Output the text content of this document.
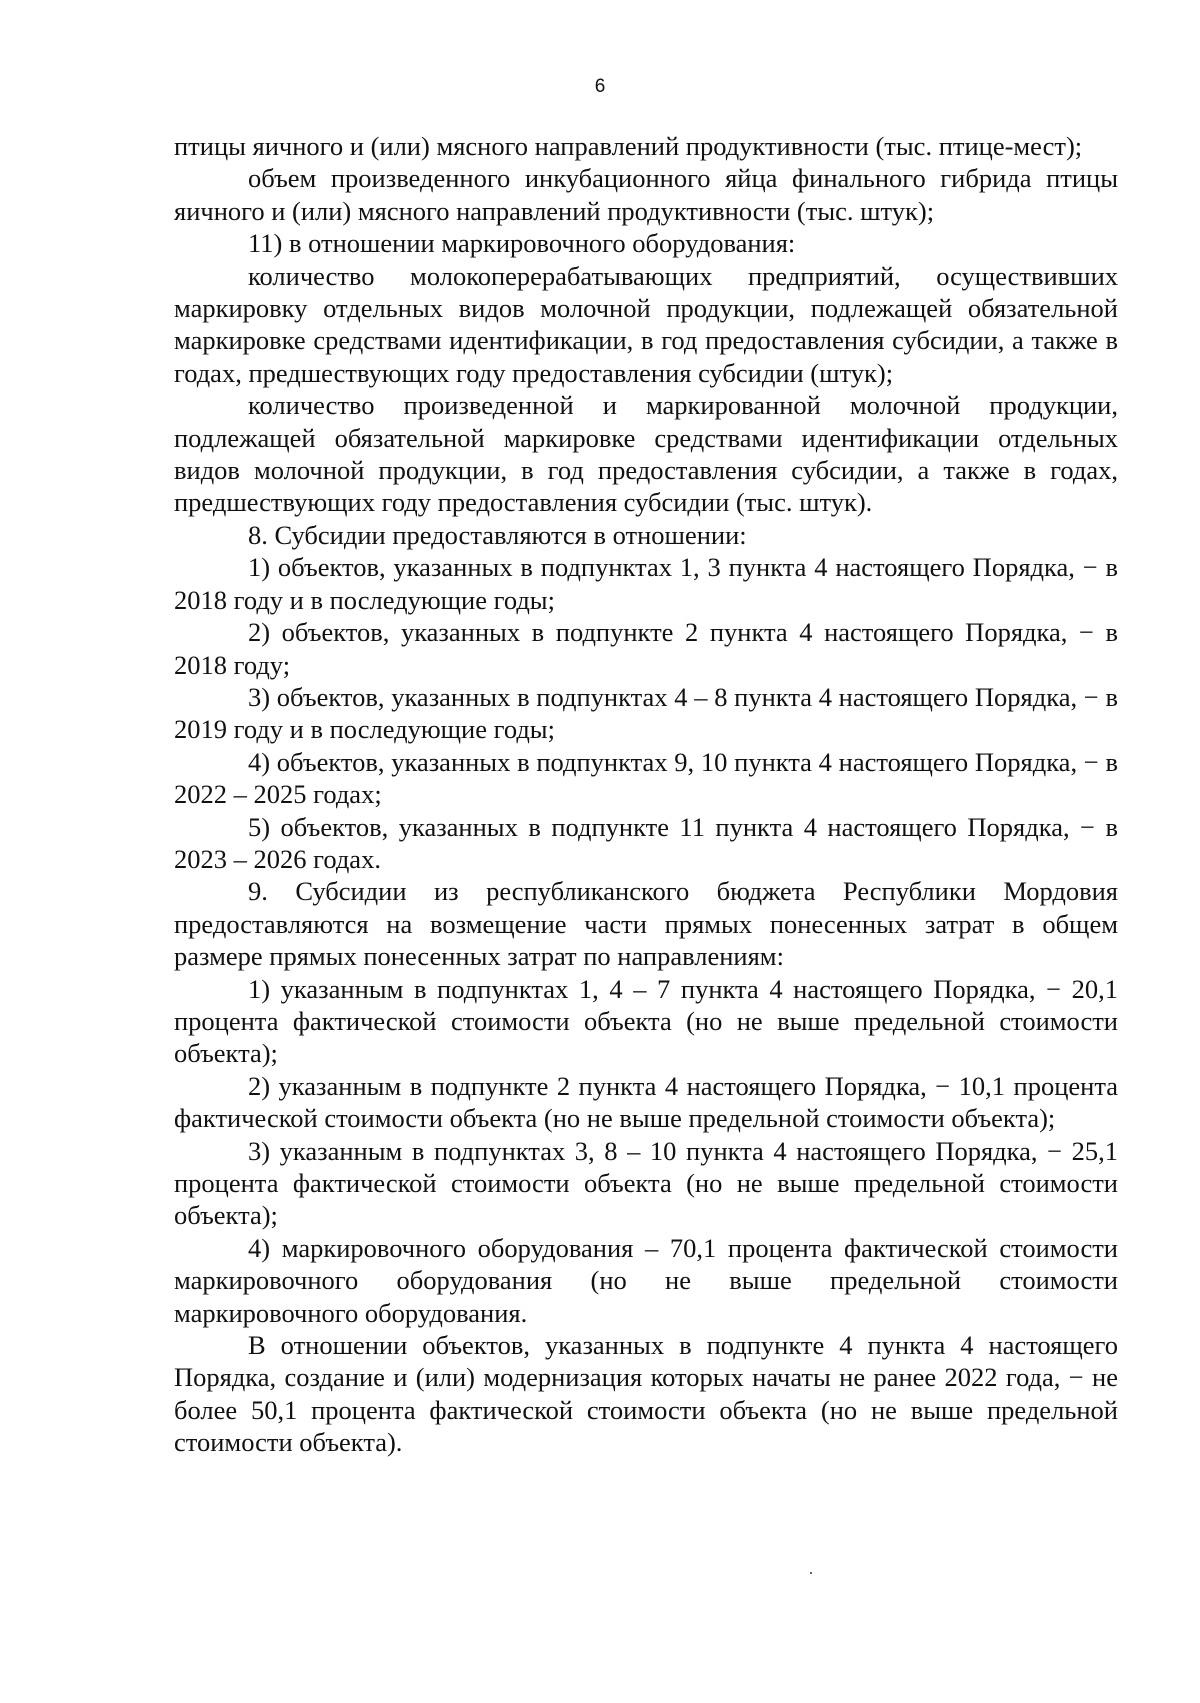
6

птицы яичного и (или) мясного направлений продуктивности (тыс. птице-мест);

объем произведенного инкубационного яйца финального гибрида птицы яичного и (или) мясного направлений продуктивности (тыс. штук);

11) в отношении маркировочного оборудования:

количество молокоперерабатывающих предприятий, осуществивших маркировку отдельных видов молочной продукции, подлежащей обязательной маркировке средствами идентификации, в год предоставления субсидии, а также в годах, предшествующих году предоставления субсидии (штук);

количество произведенной и маркированной молочной продукции, подлежащей обязательной маркировке средствами идентификации отдельных видов молочной продукции, в год предоставления субсидии, а также в годах, предшествующих году предоставления субсидии (тыс. штук).

8. Субсидии предоставляются в отношении:

1) объектов, указанных в подпунктах 1, 3 пункта 4 настоящего Порядка, − в 2018 году и в последующие годы;

2) объектов, указанных в подпункте 2 пункта 4 настоящего Порядка, − в 2018 году;

3) объектов, указанных в подпунктах 4 – 8 пункта 4 настоящего Порядка, − в 2019 году и в последующие годы;

4) объектов, указанных в подпунктах 9, 10 пункта 4 настоящего Порядка, − в 2022 – 2025 годах;

5) объектов, указанных в подпункте 11 пункта 4 настоящего Порядка, − в 2023 – 2026 годах.

9. Субсидии из республиканского бюджета Республики Мордовия предоставляются на возмещение части прямых понесенных затрат в общем размере прямых понесенных затрат по направлениям:

1) указанным в подпунктах 1, 4 – 7 пункта 4 настоящего Порядка, − 20,1 процента фактической стоимости объекта (но не выше предельной стоимости объекта);

2) указанным в подпункте 2 пункта 4 настоящего Порядка, − 10,1 процента фактической стоимости объекта (но не выше предельной стоимости объекта);

3) указанным в подпунктах 3, 8 – 10 пункта 4 настоящего Порядка, − 25,1 процента фактической стоимости объекта (но не выше предельной стоимости объекта);

4) маркировочного оборудования – 70,1 процента фактической стоимости маркировочного оборудования (но не выше предельной стоимости маркировочного оборудования.

В отношении объектов, указанных в подпункте 4 пункта 4 настоящего Порядка, создание и (или) модернизация которых начаты не ранее 2022 года, − не более 50,1 процента фактической стоимости объекта (но не выше предельной стоимости объекта).
